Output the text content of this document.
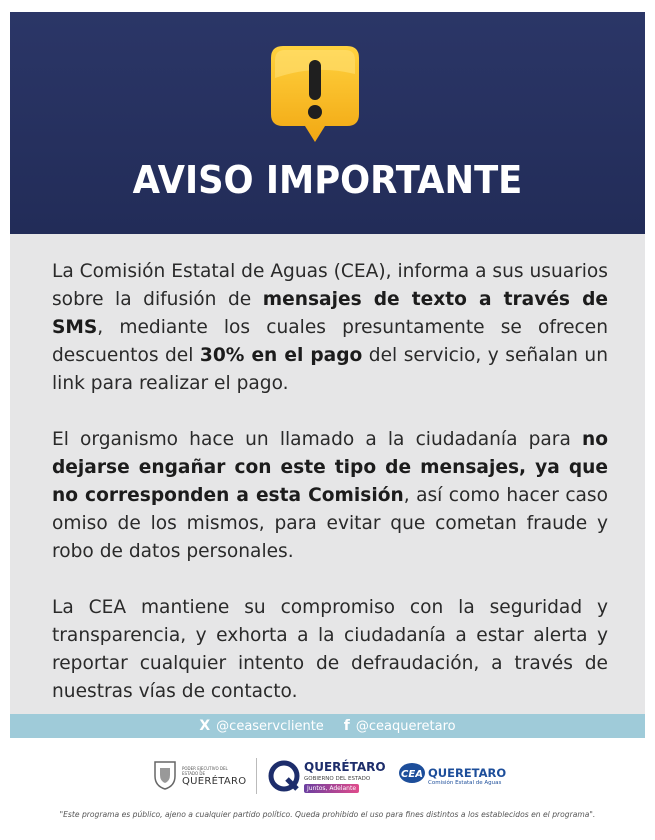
AVISO IMPORTANTE

La Comisión Estatal de Aguas (CEA), informa a sus usuarios sobre la difusión de mensajes de texto a través de SMS, mediante los cuales presuntamente se ofrecen descuentos del 30% en el pago del servicio, y señalan un link para realizar el pago.

El organismo hace un llamado a la ciudadanía para no dejarse engañar con este tipo de mensajes, ya que no corresponden a esta Comisión, así como hacer caso omiso de los mismos, para evitar que cometan fraude y robo de datos personales.

La CEA mantiene su compromiso con la seguridad y transparencia, y exhorta a la ciudadanía a estar alerta y reportar cualquier intento de defraudación, a través de nuestras vías de contacto.

X @ceaservcliente f @ceaqueretaro
PODER EJECUTIVO DEL ESTADO DE
QUERÉTARO
QUERÉTARO
GOBIERNO DEL ESTADO
Juntos, Adelante
CEA QUERETARO
Comisión Estatal de Aguas
"Este programa es público, ajeno a cualquier partido político. Queda prohibido el uso para fines distintos a los establecidos en el programa".
